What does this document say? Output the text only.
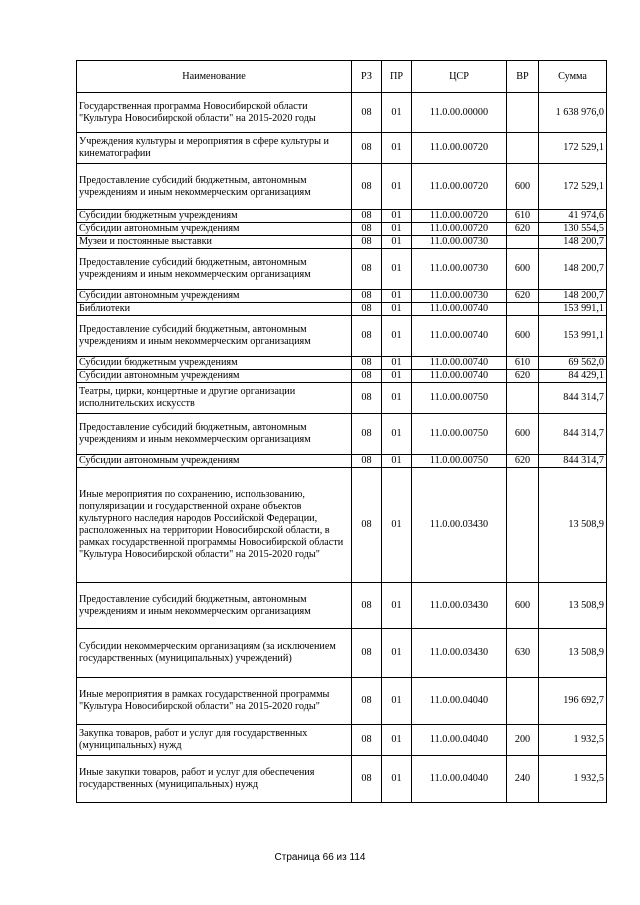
Наименование	РЗ	ПР	ЦСР	ВР	Сумма
Государственная программа Новосибирской области "Культура Новосибирской области" на 2015-2020 годы	08	01	11.0.00.00000		1 638 976,0
Учреждения культуры и мероприятия в сфере культуры и кинематографии	08	01	11.0.00.00720		172 529,1
Предоставление субсидий бюджетным, автономным учреждениям и иным некоммерческим организациям	08	01	11.0.00.00720	600	172 529,1
Субсидии бюджетным учреждениям	08	01	11.0.00.00720	610	41 974,6
Субсидии автономным учреждениям	08	01	11.0.00.00720	620	130 554,5
Музеи и постоянные выставки	08	01	11.0.00.00730		148 200,7
Предоставление субсидий бюджетным, автономным учреждениям и иным некоммерческим организациям	08	01	11.0.00.00730	600	148 200,7
Субсидии автономным учреждениям	08	01	11.0.00.00730	620	148 200,7
Библиотеки	08	01	11.0.00.00740		153 991,1
Предоставление субсидий бюджетным, автономным учреждениям и иным некоммерческим организациям	08	01	11.0.00.00740	600	153 991,1
Субсидии бюджетным учреждениям	08	01	11.0.00.00740	610	69 562,0
Субсидии автономным учреждениям	08	01	11.0.00.00740	620	84 429,1
Театры, цирки, концертные и другие организации исполнительских искусств	08	01	11.0.00.00750		844 314,7
Предоставление субсидий бюджетным, автономным учреждениям и иным некоммерческим организациям	08	01	11.0.00.00750	600	844 314,7
Субсидии автономным учреждениям	08	01	11.0.00.00750	620	844 314,7
Иные мероприятия по сохранению, использованию, популяризации и государственной охране объектов культурного наследия народов Российской Федерации, расположенных на территории Новосибирской области, в рамках государственной программы Новосибирской области "Культура Новосибирской области" на 2015-2020 годы"	08	01	11.0.00.03430		13 508,9
Предоставление субсидий бюджетным, автономным учреждениям и иным некоммерческим организациям	08	01	11.0.00.03430	600	13 508,9
Субсидии некоммерческим организациям (за исключением государственных (муниципальных) учреждений)	08	01	11.0.00.03430	630	13 508,9
Иные мероприятия в рамках государственной программы "Культура Новосибирской области" на 2015-2020 годы"	08	01	11.0.00.04040		196 692,7
Закупка товаров, работ и услуг для государственных (муниципальных) нужд	08	01	11.0.00.04040	200	1 932,5
Иные закупки товаров, работ и услуг для обеспечения государственных (муниципальных) нужд	08	01	11.0.00.04040	240	1 932,5
Страница 66 из 114
